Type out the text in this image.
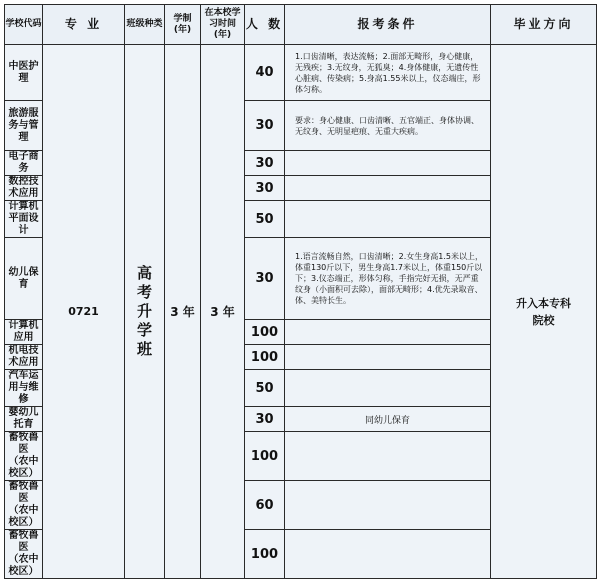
学校代码	专 业	班级种类	学制(年)	在本校学习时间(年)	人 数	报考条件	毕业方向
中医护理	0721	高考升学班	3 年	3 年	40	1.口齿清晰，表达流畅；2.面部无畸形，身心健康，无残疾；3.无纹身，无狐臭；4.身体健康，无遗传性心脏病、传染病；5.身高1.55米以上，仪态端庄，形体匀称。	升入本专科院校
旅游服务与管理					30	要求：身心健康、口齿清晰、五官端正、身体协调、无纹身、无明显疤痕、无重大疾病。	
电子商务					30		
数控技术应用					30		
计算机平面设计					50		
幼儿保育					30	1.语言流畅自然，口齿清晰；2.女生身高1.5米以上，体重130斤以下，男生身高1.7米以上，体重150斤以下；3.仪态端正，形体匀称，手指完好无损，无严重纹身（小面积可去除），面部无畸形；4.优先录取音、体、美特长生。	
计算机应用					100		
机电技术应用					100		
汽车运用与维修					50		
婴幼儿托育					30	同幼儿保育	
畜牧兽医
（农中校区）					100		
畜牧兽医
（农中校区）					60		
畜牧兽医
（农中校区）					100		
